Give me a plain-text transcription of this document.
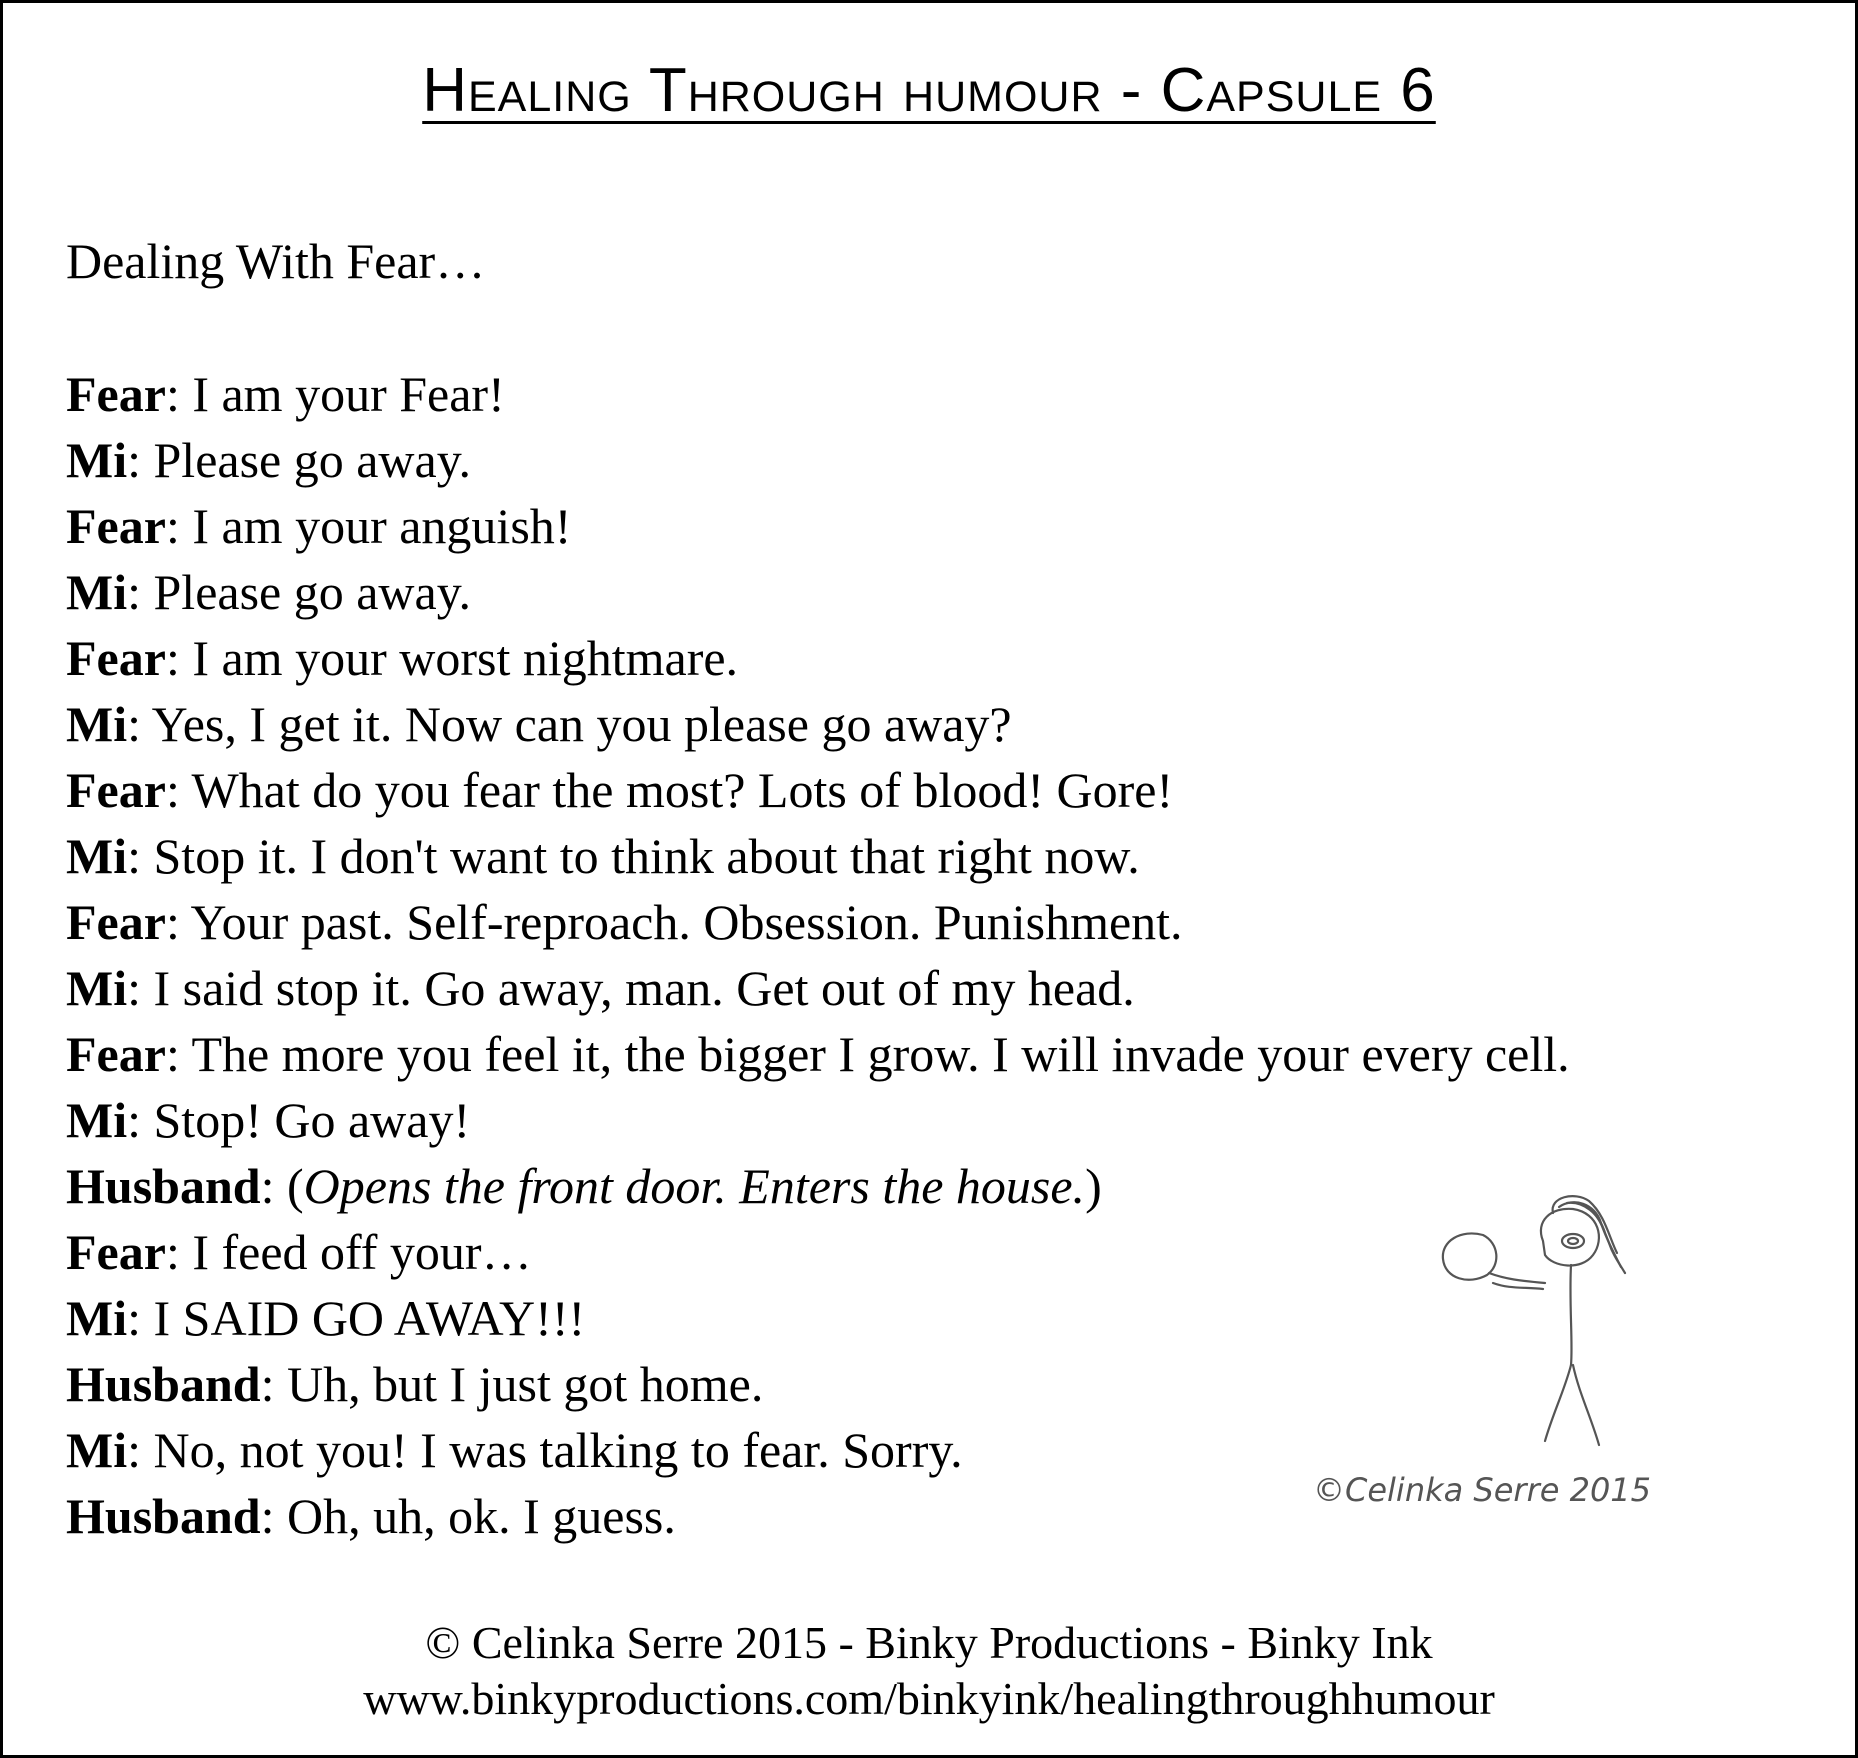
Healing Through humour - Capsule 6
Dealing With Fear…
Fear: I am your Fear!
Mi: Please go away.
Fear: I am your anguish!
Mi: Please go away.
Fear: I am your worst nightmare.
Mi: Yes, I get it. Now can you please go away?
Fear: What do you fear the most? Lots of blood! Gore!
Mi: Stop it. I don't want to think about that right now.
Fear: Your past. Self-reproach. Obsession. Punishment.
Mi: I said stop it. Go away, man. Get out of my head.
Fear: The more you feel it, the bigger I grow. I will invade your every cell.
Mi: Stop! Go away!
Husband: (Opens the front door. Enters the house.)
Fear: I feed off your…
Mi: I SAID GO AWAY!!!
Husband: Uh, but I just got home.
Mi: No, not you! I was talking to fear. Sorry.
Husband: Oh, uh, ok. I guess.	©Celinka Serre 2015
© Celinka Serre 2015 - Binky Productions - Binky Ink
www.binkyproductions.com/binkyink/healingthroughhumour
